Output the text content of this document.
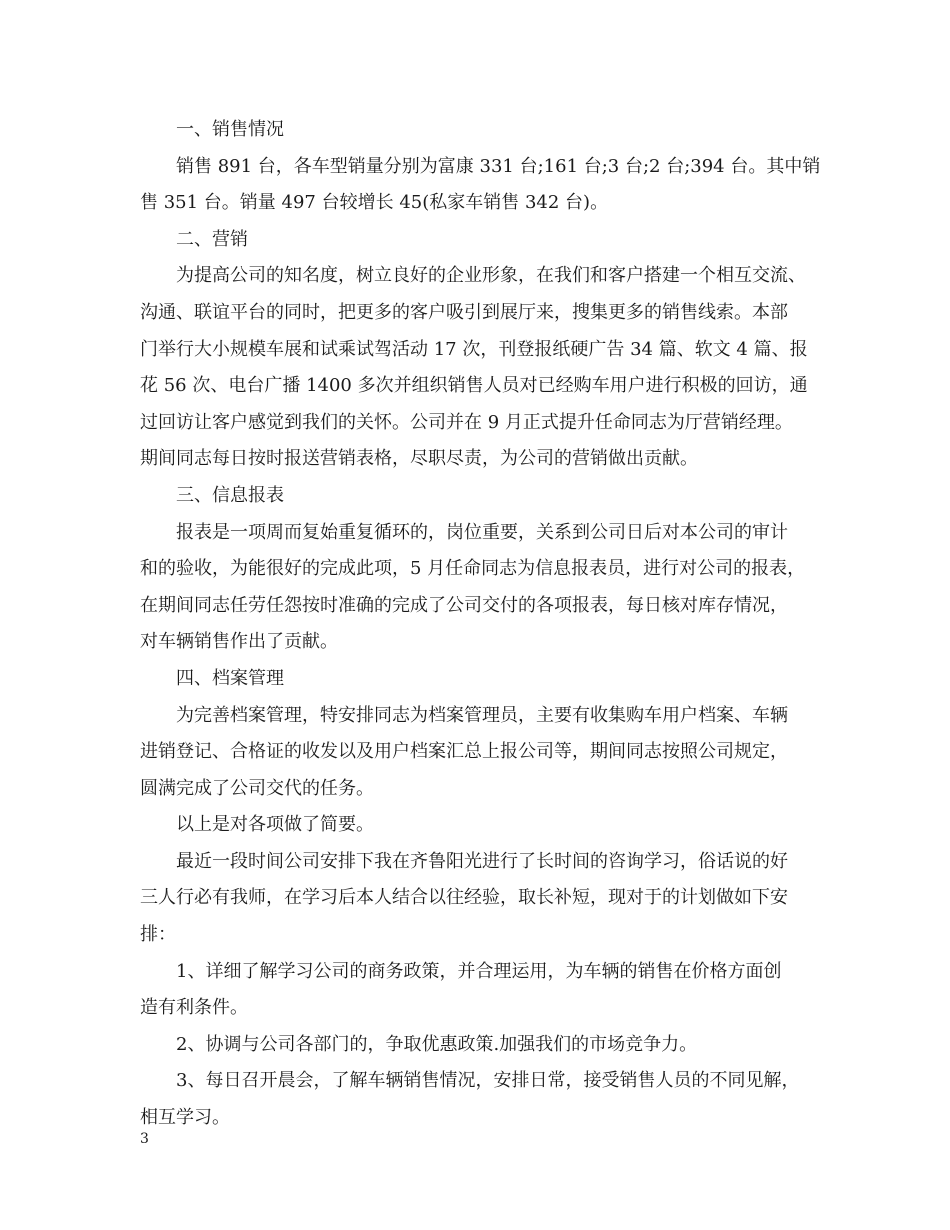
一、销售情况
销售 891 台，各车型销量分别为富康 331 台;161 台;3 台;2 台;394 台。其中销
售 351 台。销量 497 台较增长 45(私家车销售 342 台)。
二、营销
为提高公司的知名度，树立良好的企业形象，在我们和客户搭建一个相互交流、
沟通、联谊平台的同时，把更多的客户吸引到展厅来，搜集更多的销售线索。本部
门举行大小规模车展和试乘试驾活动 17 次，刊登报纸硬广告 34 篇、软文 4 篇、报
花 56 次、电台广播 1400 多次并组织销售人员对已经购车用户进行积极的回访，通
过回访让客户感觉到我们的关怀。公司并在 9 月正式提升任命同志为厅营销经理。
期间同志每日按时报送营销表格，尽职尽责，为公司的营销做出贡献。
三、信息报表
报表是一项周而复始重复循环的，岗位重要，关系到公司日后对本公司的审计
和的验收，为能很好的完成此项，5 月任命同志为信息报表员，进行对公司的报表，
在期间同志任劳任怨按时准确的完成了公司交付的各项报表，每日核对库存情况，
对车辆销售作出了贡献。
四、档案管理
为完善档案管理，特安排同志为档案管理员，主要有收集购车用户档案、车辆
进销登记、合格证的收发以及用户档案汇总上报公司等，期间同志按照公司规定，
圆满完成了公司交代的任务。
以上是对各项做了简要。
最近一段时间公司安排下我在齐鲁阳光进行了长时间的咨询学习，俗话说的好
三人行必有我师，在学习后本人结合以往经验，取长补短，现对于的计划做如下安
排：
1、详细了解学习公司的商务政策，并合理运用，为车辆的销售在价格方面创
造有利条件。
2、协调与公司各部门的，争取优惠政策.加强我们的市场竞争力。
3、每日召开晨会，了解车辆销售情况，安排日常，接受销售人员的不同见解，
相互学习。
3
